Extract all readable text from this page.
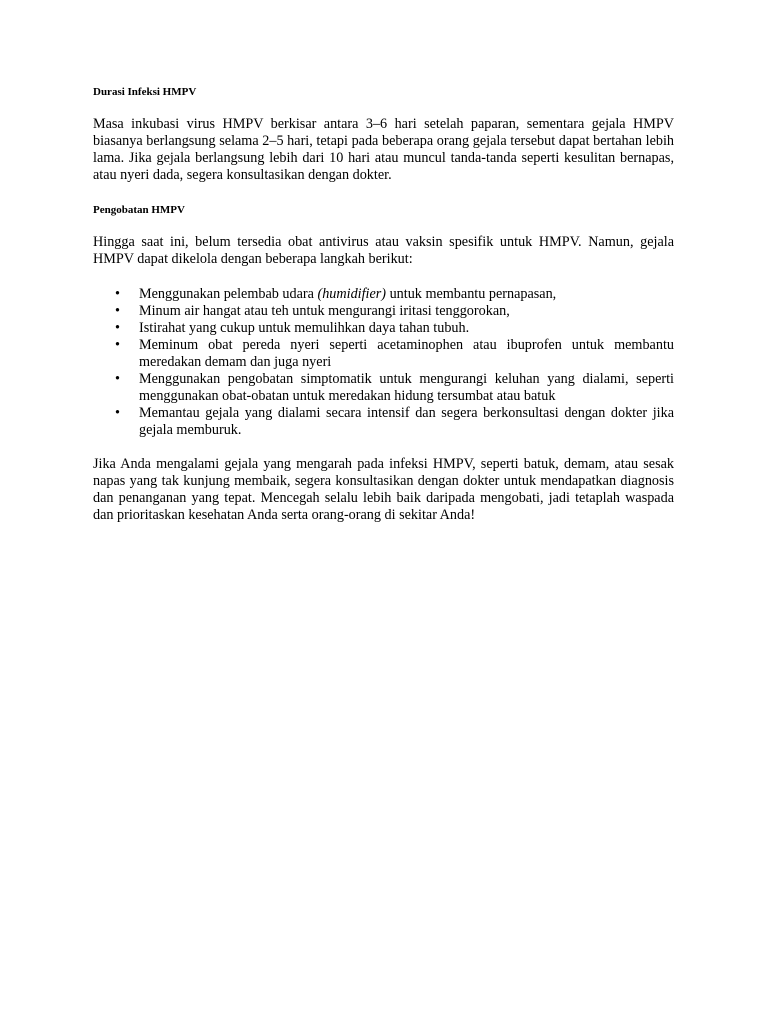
Durasi Infeksi HMPV

Masa inkubasi virus HMPV berkisar antara 3–6 hari setelah paparan, sementara gejala HMPV biasanya berlangsung selama 2–5 hari, tetapi pada beberapa orang gejala tersebut dapat bertahan lebih lama. Jika gejala berlangsung lebih dari 10 hari atau muncul tanda-tanda seperti kesulitan bernapas, atau nyeri dada, segera konsultasikan dengan dokter.

Pengobatan HMPV

Hingga saat ini, belum tersedia obat antivirus atau vaksin spesifik untuk HMPV. Namun, gejala HMPV dapat dikelola dengan beberapa langkah berikut:

• Menggunakan pelembab udara (humidifier) untuk membantu pernapasan,
• Minum air hangat atau teh untuk mengurangi iritasi tenggorokan,
• Istirahat yang cukup untuk memulihkan daya tahan tubuh.
• Meminum obat pereda nyeri seperti acetaminophen atau ibuprofen untuk membantu meredakan demam dan juga nyeri
• Menggunakan pengobatan simptomatik untuk mengurangi keluhan yang dialami, seperti menggunakan obat-obatan untuk meredakan hidung tersumbat atau batuk
• Memantau gejala yang dialami secara intensif dan segera berkonsultasi dengan dokter jika gejala memburuk.

Jika Anda mengalami gejala yang mengarah pada infeksi HMPV, seperti batuk, demam, atau sesak napas yang tak kunjung membaik, segera konsultasikan dengan dokter untuk mendapatkan diagnosis dan penanganan yang tepat. Mencegah selalu lebih baik daripada mengobati, jadi tetaplah waspada dan prioritaskan kesehatan Anda serta orang-orang di sekitar Anda!
